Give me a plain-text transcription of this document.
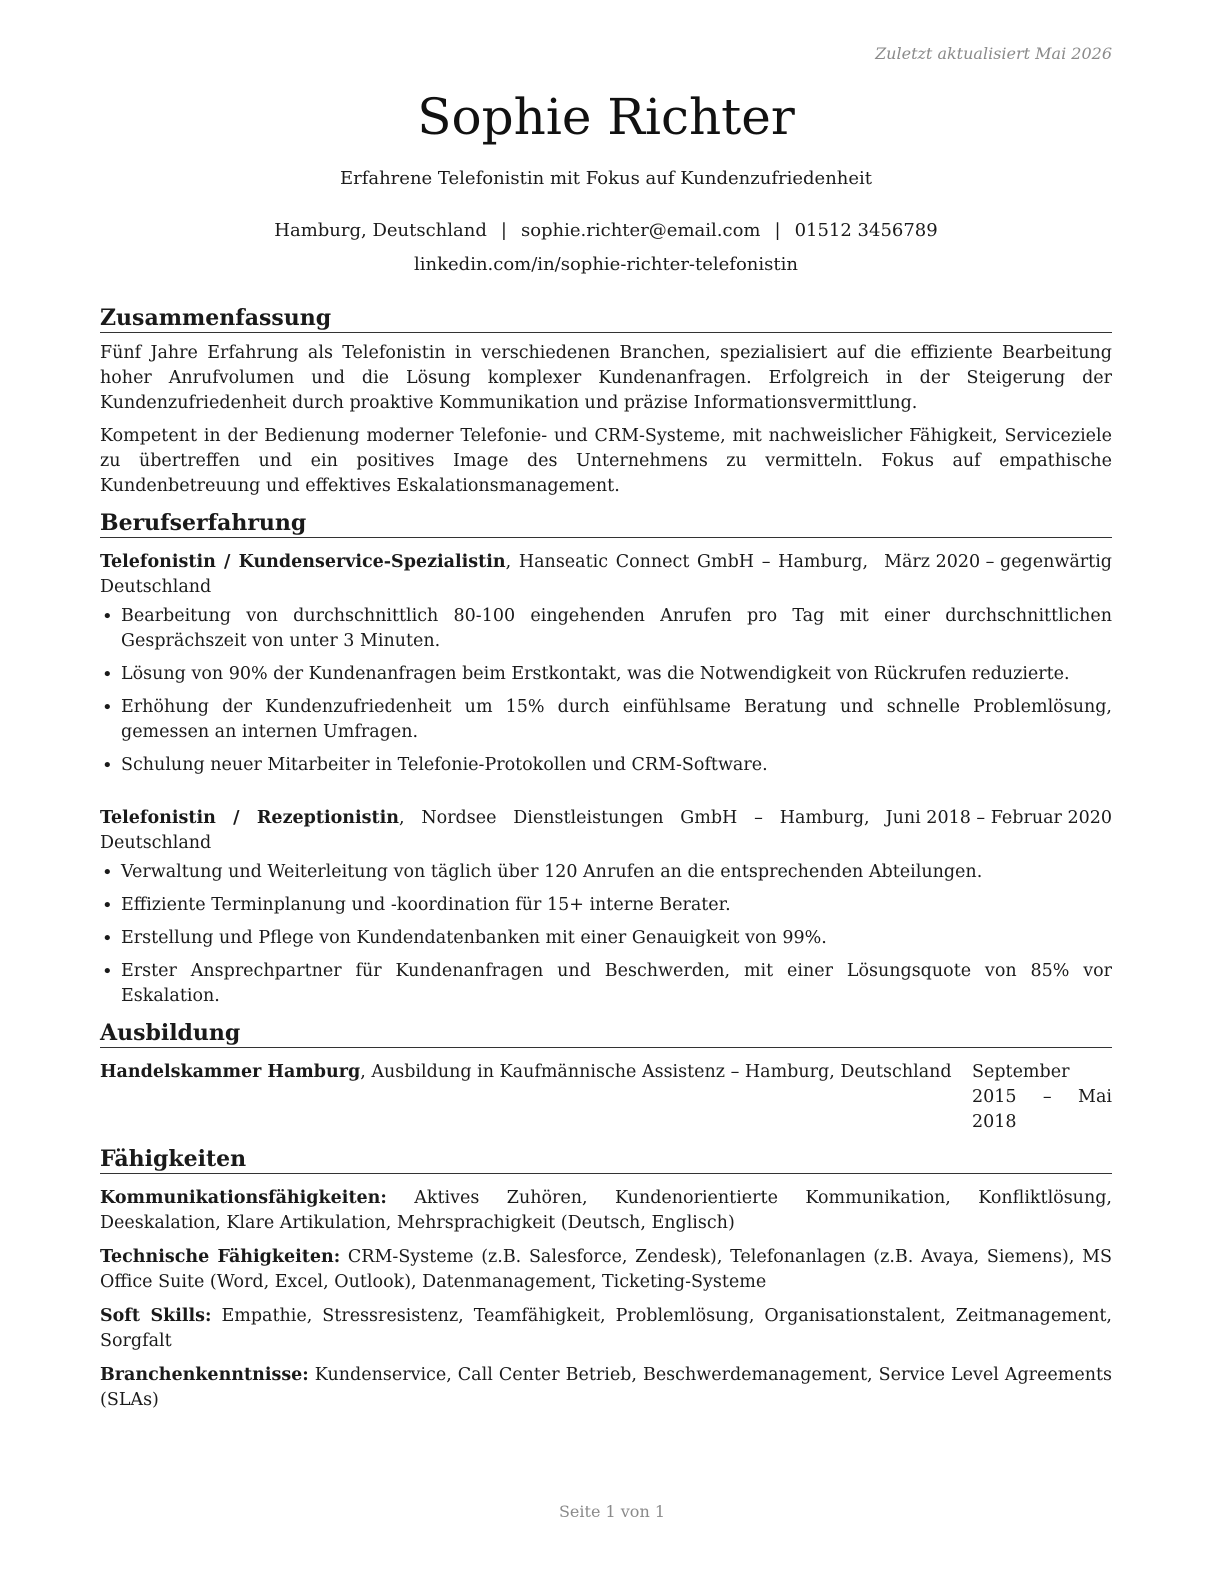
Zuletzt aktualisiert Mai 2026
Sophie Richter
Erfahrene Telefonistin mit Fokus auf Kundenzufriedenheit
Hamburg, Deutschland | sophie.richter@email.com | 01512 3456789
linkedin.com/in/sophie-richter-telefonistin
Zusammenfassung

Fünf Jahre Erfahrung als Telefonistin in verschiedenen Branchen, spezialisiert auf die effiziente Bearbeitung hoher Anrufvolumen und die Lösung komplexer Kundenanfragen. Erfolgreich in der Steigerung der Kundenzufriedenheit durch proaktive Kommunikation und präzise Informationsvermittlung.

Kompetent in der Bedienung moderner Telefonie- und CRM-Systeme, mit nachweislicher Fähigkeit, Serviceziele zu übertreffen und ein positives Image des Unternehmens zu vermitteln. Fokus auf empathische Kundenbetreuung und effektives Eskalationsmanagement.

Berufserfahrung
Telefonistin / Kundenservice-Spezialistin, Hanseatic Connect GmbH – Hamburg, Deutschland
März 2020 – gegenwärtig
• Bearbeitung von durchschnittlich 80-100 eingehenden Anrufen pro Tag mit einer durchschnittlichen Gesprächszeit von unter 3 Minuten.
• Lösung von 90% der Kundenanfragen beim Erstkontakt, was die Notwendigkeit von Rückrufen reduzierte.
• Erhöhung der Kundenzufriedenheit um 15% durch einfühlsame Beratung und schnelle Problemlösung, gemessen an internen Umfragen.
• Schulung neuer Mitarbeiter in Telefonie-Protokollen und CRM-Software.
Telefonistin / Rezeptionistin, Nordsee Dienstleistungen GmbH – Hamburg, Deutschland
Juni 2018 – Februar 2020
• Verwaltung und Weiterleitung von täglich über 120 Anrufen an die entsprechenden Abteilungen.
• Effiziente Terminplanung und -koordination für 15+ interne Berater.
• Erstellung und Pflege von Kundendatenbanken mit einer Genauigkeit von 99%.
• Erster Ansprechpartner für Kundenanfragen und Beschwerden, mit einer Lösungsquote von 85% vor Eskalation.
Ausbildung
Handelskammer Hamburg, Ausbildung in Kaufmännische Assistenz – Hamburg, Deutschland September 2015 – Mai 2018
Fähigkeiten

Kommunikationsfähigkeiten: Aktives Zuhören, Kundenorientierte Kommunikation, Konfliktlösung, Deeskalation, Klare Artikulation, Mehrsprachigkeit (Deutsch, Englisch)

Technische Fähigkeiten: CRM-Systeme (z.B. Salesforce, Zendesk), Telefonanlagen (z.B. Avaya, Siemens), MS Office Suite (Word, Excel, Outlook), Datenmanagement, Ticketing-Systeme

Soft Skills: Empathie, Stressresistenz, Teamfähigkeit, Problemlösung, Organisationstalent, Zeitmanagement, Sorgfalt

Branchenkenntnisse: Kundenservice, Call Center Betrieb, Beschwerdemanagement, Service Level Agreements (SLAs)

Seite 1 von 1
